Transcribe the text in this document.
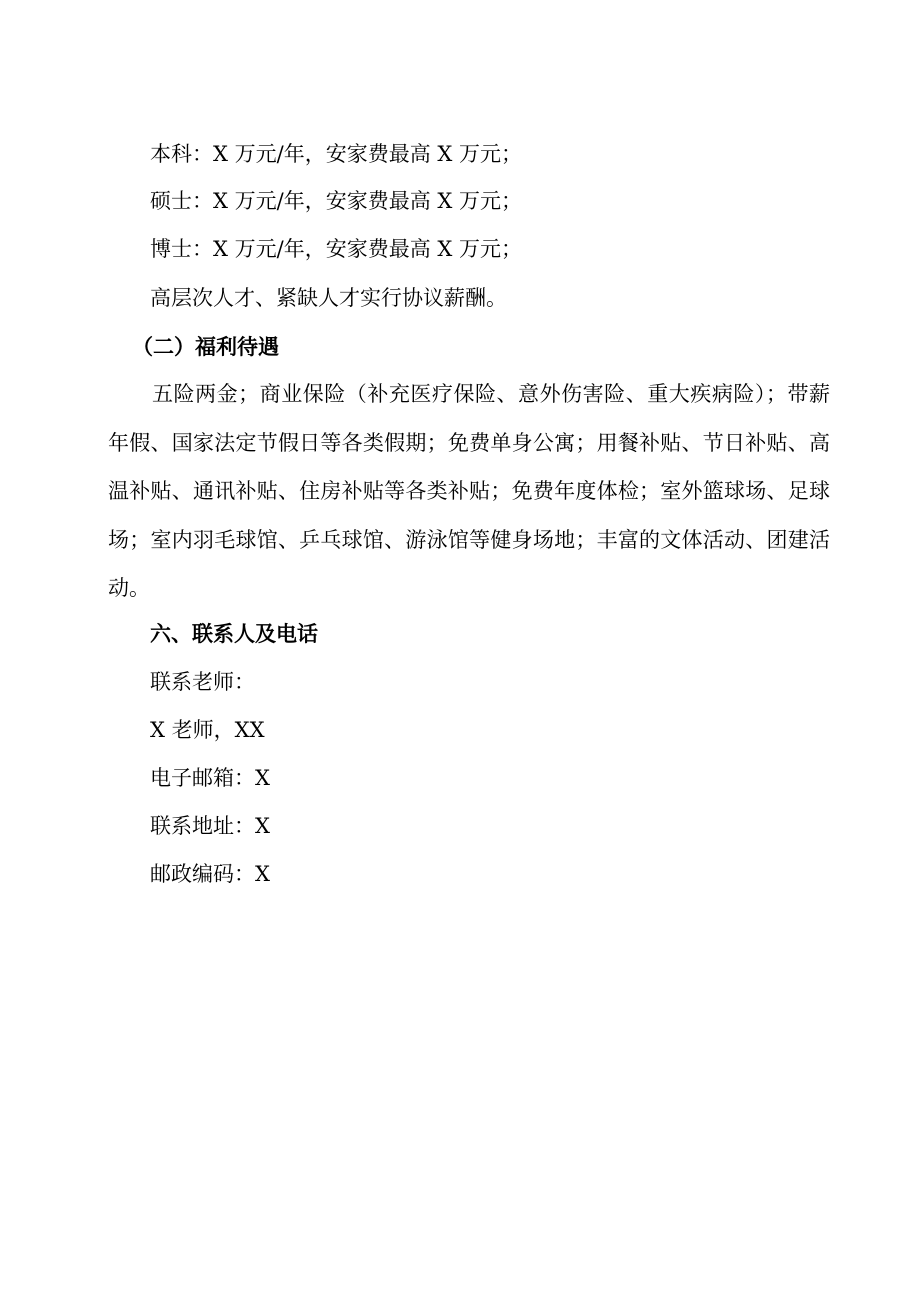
本科：X 万元/年，安家费最高 X 万元；
硕士：X 万元/年，安家费最高 X 万元；
博士：X 万元/年，安家费最高 X 万元；
高层次人才、紧缺人才实行协议薪酬。
（二）福利待遇
五险两金；商业保险（补充医疗保险、意外伤害险、重大疾病险）；带薪年假、国家法定节假日等各类假期；免费单身公寓；用餐补贴、节日补贴、高温补贴、通讯补贴、住房补贴等各类补贴；免费年度体检；室外篮球场、足球场；室内羽毛球馆、乒乓球馆、游泳馆等健身场地；丰富的文体活动、团建活动。
六、联系人及电话
联系老师：
X 老师，XX
电子邮箱：X
联系地址：X
邮政编码：X
